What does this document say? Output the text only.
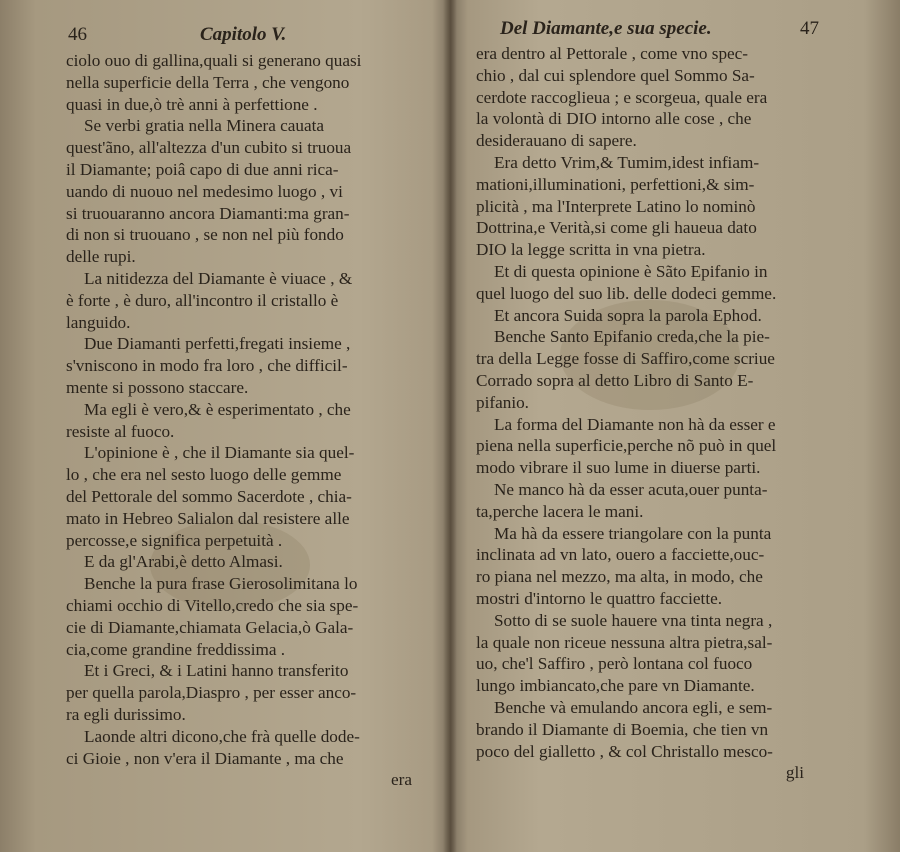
46	Capitolo V.
ciolo ouo di gallina,quali si generano quasi
nella superficie della Terra , che vengono
quasi in due,ò trè anni à perfettione .
Se verbi gratia nella Minera cauata
quest'ãno, all'altezza d'un cubito si truoua
il Diamante; poiâ capo di due anni rica-
uando di nuouo nel medesimo luogo , vi
si truouaranno ancora Diamanti:ma gran-
di non si truouano , se non nel più fondo
delle rupi.
La nitidezza del Diamante è viuace , &
è forte , è duro, all'incontro il cristallo è
languido.
Due Diamanti perfetti,fregati insieme ,
s'vniscono in modo fra loro , che difficil-
mente si possono staccare.
Ma egli è vero,& è esperimentato , che
resiste al fuoco.
L'opinione è , che il Diamante sia quel-
lo , che era nel sesto luogo delle gemme
del Pettorale del sommo Sacerdote , chia-
mato in Hebreo Salialon dal resistere alle
percosse,e significa perpetuità .
E da gl'Arabi,è detto Almasi.
Benche la pura frase Gierosolimitana lo
chiami occhio di Vitello,credo che sia spe-
cie di Diamante,chiamata Gelacia,ò Gala-
cia,come grandine freddissima .
Et i Greci, & i Latini hanno transferito
per quella parola,Diaspro , per esser anco-
ra egli durissimo.
Laonde altri dicono,che frà quelle dode-
ci Gioie , non v'era il Diamante , ma che
era
Del Diamante,e sua specie.	47
era dentro al Pettorale , come vno spec-
chio , dal cui splendore quel Sommo Sa-
cerdote raccoglieua ; e scorgeua, quale era
la volontà di DIO intorno alle cose , che
desiderauano di sapere.
Era detto Vrim,& Tumim,idest infiam-
mationi,illuminationi, perfettioni,& sim-
plicità , ma l'Interprete Latino lo nominò
Dottrina,e Verità,si come gli haueua dato
DIO la legge scritta in vna pietra.
Et di questa opinione è Sãto Epifanio in
quel luogo del suo lib. delle dodeci gemme.
Et ancora Suida sopra la parola Ephod.
Benche Santo Epifanio creda,che la pie-
tra della Legge fosse di Saffiro,come scriue
Corrado sopra al detto Libro di Santo E-
pifanio.
La forma del Diamante non hà da esser e
piena nella superficie,perche nõ può in quel
modo vibrare il suo lume in diuerse parti.
Ne manco hà da esser acuta,ouer punta-
ta,perche lacera le mani.
Ma hà da essere triangolare con la punta
inclinata ad vn lato, ouero a facciette,ouc-
ro piana nel mezzo, ma alta, in modo, che
mostri d'intorno le quattro facciette.
Sotto di se suole hauere vna tinta negra ,
la quale non riceue nessuna altra pietra,sal-
uo, che'l Saffiro , però lontana col fuoco
lungo imbiancato,che pare vn Diamante.
Benche và emulando ancora egli, e sem-
brando il Diamante di Boemia, che tien vn
poco del gialletto , & col Christallo mesco-
gli
